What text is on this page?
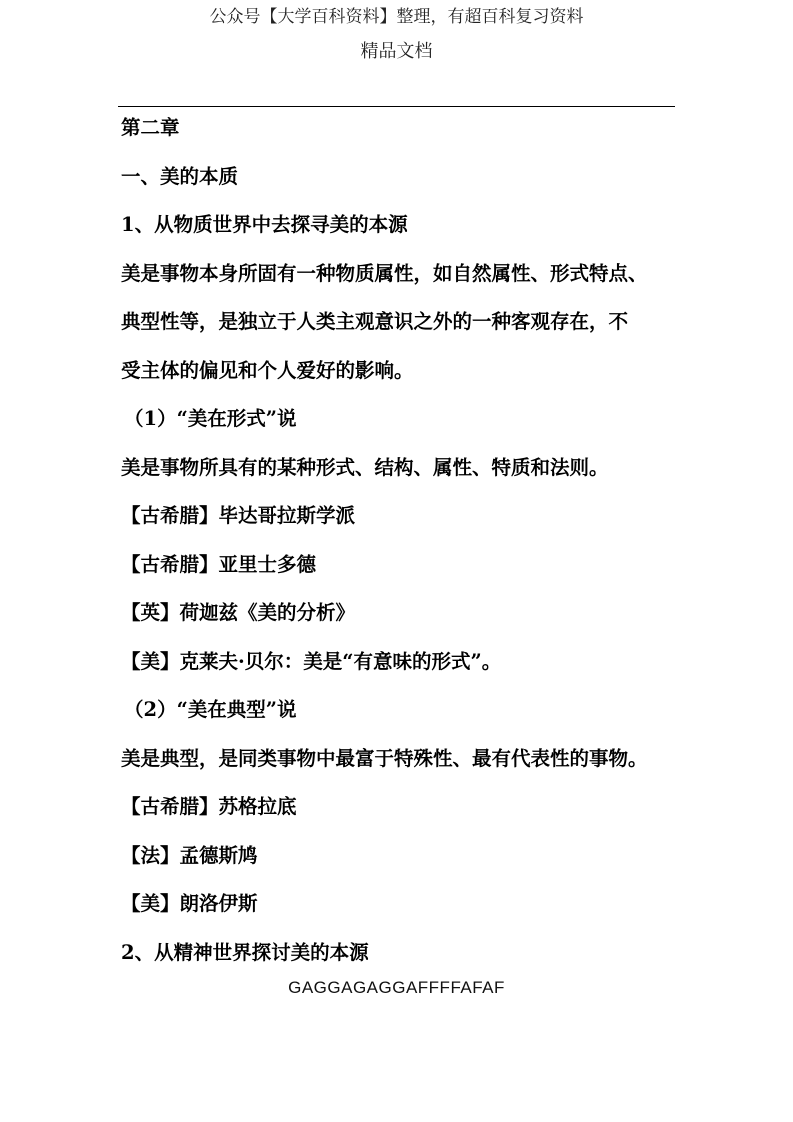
公众号【大学百科资料】整理，有超百科复习资料
精品文档
第二章
一、美的本质
1、从物质世界中去探寻美的本源
美是事物本身所固有一种物质属性，如自然属性、形式特点、
典型性等，是独立于人类主观意识之外的一种客观存在，不
受主体的偏见和个人爱好的影响。
（1）“美在形式”说
美是事物所具有的某种形式、结构、属性、特质和法则。
【古希腊】毕达哥拉斯学派
【古希腊】亚里士多德
【英】荷迦兹《美的分析》
【美】克莱夫·贝尔：美是“有意味的形式”。
（2）“美在典型”说
美是典型，是同类事物中最富于特殊性、最有代表性的事物。
【古希腊】苏格拉底
【法】孟德斯鸠
【美】朗洛伊斯
2、从精神世界探讨美的本源
GAGGAGAGGAFFFFAFAF
